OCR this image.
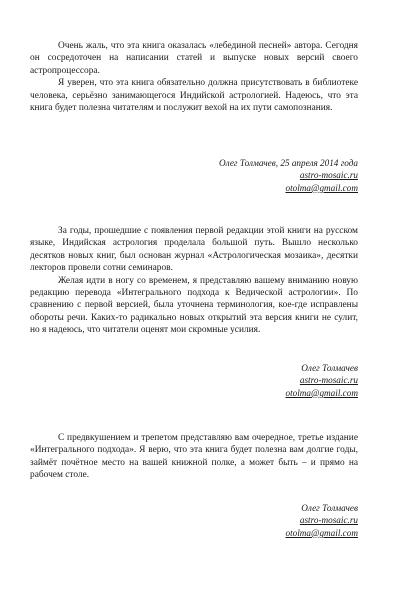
Очень жаль, что эта книга оказалась «лебединой песней» автора. Сегодня он сосредоточен на написании статей и выпуске новых версий своего астропроцессора.

Я уверен, что эта книга обязательно должна присутствовать в библиотеке человека, серьёзно занимающегося Индийской астрологией. Надеюсь, что эта книга будет полезна читателям и послужит вехой на их пути самопознания.

Олег Толмачев, 25 апреля 2014 года

astro-mosaic.ru

otolma@gmail.com

За годы, прошедшие с появления первой редакции этой книги на русском языке, Индийская астрология проделала большой путь. Вышло несколько десятков новых книг, был основан журнал «Астрологическая мозаика», десятки лекторов провели сотни семинаров.

Желая идти в ногу со временем, я представляю вашему вниманию новую редакцию перевода «Интегрального подхода к Ведической астрологии». По сравнению с первой версией, была уточнена терминология, кое-где исправлены обороты речи. Каких-то радикально новых открытий эта версия книги не сулит, но я надеюсь, что читатели оценят мои скромные усилия.

Олег Толмачев

astro-mosaic.ru

otolma@gmail.com

С предвкушением и трепетом представляю вам очередное, третье издание «Интегрального подхода». Я верю, что эта книга будет полезна вам долгие годы, займёт почётное место на вашей книжной полке, а может быть – и прямо на рабочем столе.

Олег Толмачев

astro-mosaic.ru

otolma@gmail.com
